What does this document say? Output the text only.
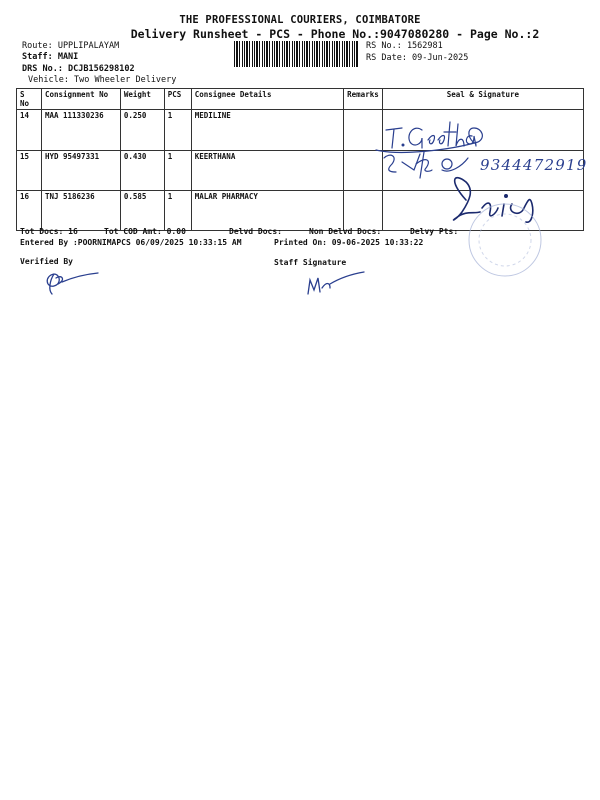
THE PROFESSIONAL COURIERS, COIMBATORE
Delivery Runsheet - PCS - Phone No.:9047080280 - Page No.:2
Route: UPPLIPALAYAM
Staff: MANI
DRS No.: DCJB156298102
Vehicle: Two Wheeler Delivery
RS No.: 1562981
RS Date: 09-Jun-2025
S No	Consignment No	Weight	PCS	Consignee Details	Remarks	Seal & Signature
14	MAA 111330236	0.250	1	MEDILINE		
15	HYD 95497331	0.430	1	KEERTHANA		
16	TNJ 5186236	0.585	1	MALAR PHARMACY		
9344472919
Tot Docs: 16	Tot COD Amt: 0.00	Delvd Docs:	Non Delvd Docs:	Delvy Pts:
Entered By :POORNIMAPCS 06/09/2025 10:33:15 AM	Printed On: 09-06-2025 10:33:22
Verified By	Staff Signature
